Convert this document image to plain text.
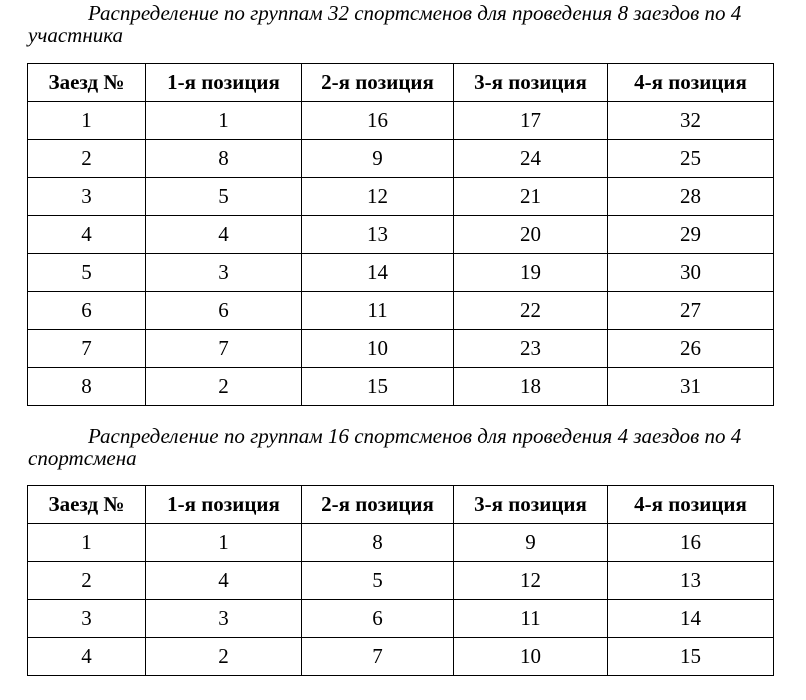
Распределение по группам 32 спортсменов для проведения 8 заездов по 4 участника
Заезд №	1-я позиция	2-я позиция	3-я позиция	4-я позиция
1	1	16	17	32
2	8	9	24	25
3	5	12	21	28
4	4	13	20	29
5	3	14	19	30
6	6	11	22	27
7	7	10	23	26
8	2	15	18	31
Распределение по группам 16 спортсменов для проведения 4 заездов по 4 спортсмена
Заезд №	1-я позиция	2-я позиция	3-я позиция	4-я позиция
1	1	8	9	16
2	4	5	12	13
3	3	6	11	14
4	2	7	10	15
